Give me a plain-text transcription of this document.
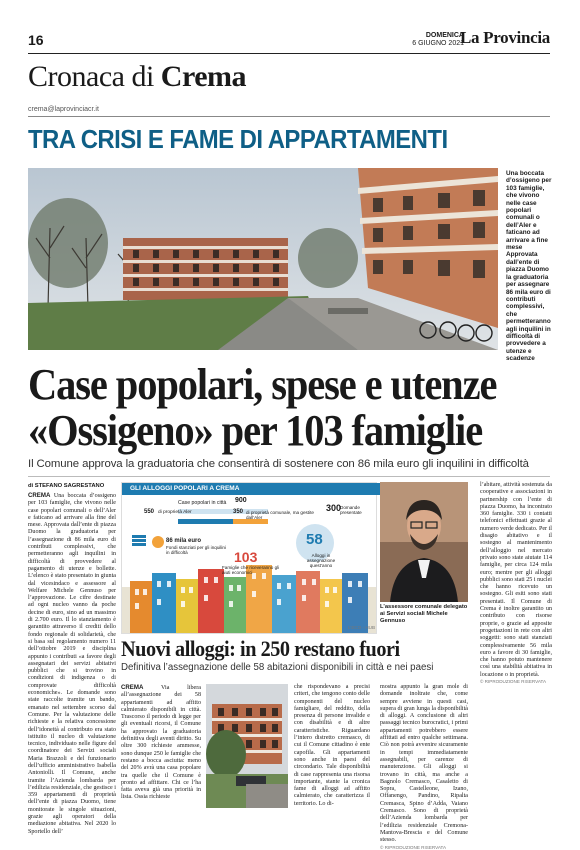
16	DOMENICA
6 GIUGNO 2021
La Provincia
Cronaca di Crema
crema@laprovinciacr.it
TRA CRISI E FAME DI APPARTAMENTI
Una boccata d’ossigeno per 103 famiglie, che vivono nelle case popolari comunali o dell’Aler e faticano ad arrivare a fine mese Approvata dall’ente di piazza Duomo la graduatoria per assegnare 86 mila euro di contributi complessivi, che permetteranno agli inquilini in difficoltà di provvedere a utenze e scadenze
Case popolari, spese e utenze
«Ossigeno» per 103 famiglie
Il Comune approva la graduatoria che consentirà di sostenere con 86 mila euro gli inquilini in difficoltà
di STEFANO SAGRESTANO
CREMA Una boccata d’ossigeno per 103 famiglie, che vivono nelle case popolari comunali o dell’Aler e faticano ad arrivare alla fine del mese. Approvata dall’ente di piazza Duomo la graduatoria per l’assegnazione di 86 mila euro di contributi complessivi, che permetteranno agli inquilini in difficoltà di provvedere al pagamento di utenze e bollette. L’elenco è stato presentato in giunta dal vicesindaco e assessore al Welfare Michele Gennuso per l’approvazione. Le cifre destinate ad ogni nucleo vanno da poche decine di euro, sino ad un massimo di 2.700 euro. Il lo stanziamento è garantito attraverso il crediti dello fondo regionale di solidarietà, che si basa sul regolamento numero 11 dell’ottobre 2019 e disciplina appunto i contributi «a favore degli assegnatari dei servizi abitativi pubblici che si trovino in condizioni di indigenza o di comprovate difficoltà economiche». Le domande sono state raccolte tramite un bando, emanato nel settembre scorso dal Comune. Per la valutazione delle richieste e la relativa concessione dell’idoneità al contributo era stato istituito il nucleo di valutazione tecnico, individuato nelle figure del coordinatore dei Servizi sociali Maria Brazzoli e del funzionario dell’ufficio amministrativo Isabella Antoniolli. Il Comune, anche tramite l’Azienda lombarda per l’edilizia residenziale, che gestisce i 359 appartamenti di proprietà dell’ente di piazza Duomo, tiene monitorate le singole situazioni, grazie agli operatori della mediazione abitativa. Nel 2020 lo Sportello dell’
GLI ALLOGGI POPOLARI A CREMA
Case popolari in città 900
550 di proprietà Aler	350 di proprietà comunale, ma gestite dall’Aler
300
Domande presentate
58
Alloggi in assegnazione quest’anno
86 mila euro
Fondi stanziati per gli inquilini in difficoltà	103
Famiglie che riceveranno gli aiuti economici
L’ECO - HUB
L’assessore comunale delegato ai Servizi sociali Michele Gennuso
l’abitare, attività sostenuta da cooperative e associazioni in partnership con l’ente di piazza Duomo, ha incontrato 360 famiglie. 330 i contatti telefonici effettuati grazie al numero verde dedicato. Per il disagio abitativo e il sostegno al mantenimento dell’alloggio nel mercato privato sono state aiutate 114 famiglie, per circa 124 mila euro; mentre per gli alloggi pubblici sono stati 25 i nuclei che hanno ricevuto un sostegno. Gli esiti sono stati presentati. Il Comune di Crema è inoltre garantito un contributo con risorse proprie, o grazie ad apposite progettazioni in rete con altri soggetti: sono stati stanziati complessivamente 56 mila euro a favore di 30 famiglie, che hanno potuto mantenere così una stabilità abitativa in locazione o in proprietà.
© RIPRODUZIONE RISERVATA
Nuovi alloggi: in 250 restano fuori
Definitiva l’assegnazione delle 58 abitazioni disponibili in città e nei paesi
CREMA	Via libera all’assegnazione dei 58 appartamenti ad affitto calmierato disponibili in città. Trascorso il periodo di legge per gli eventuali ricorsi, il Comune ha approvato la graduatoria definitiva degli aventi diritto. Su oltre 300 richieste ammesse, sono dunque 250 le famiglie che restano a bocca asciutta: meno del 20% avrà una casa popolare tra quelle che il Comune è pronto ad affittare. Chi ce l’ha fatta aveva già una priorità in lista. Ossia richieste
che rispondevano a precisi criteri, che tengono conto delle componenti del nucleo famigliare, del reddito, della presenza di persone invalide e con disabilità e di altre caratteristiche. Riguardano l’intero distretto cremasco, di cui il Comune cittadino è ente capofila. Gli appartamenti sono anche in paesi del circondario. Tale disponibilità di case rappresenta una risorsa importante, stante la cronica fame di alloggi ad affitto calmierato, che caratterizza il territorio. Lo di-
mostra appunto la gran mole di domande inoltrate che, come sempre avviene in questi casi, supera di gran lunga la disponibilità di alloggi. A conclusione di altri passaggi tecnico burocratici, i primi appartamenti potrebbero essere affittati ad entro qualche settimana. Ciò non potrà avvenire sicuramente in tempi immediatamente assegnabili, per carenze di manutenzione. Gli alloggi si trovano in città, ma anche a Bagnolo Cremasco, Casaletto di Sopra, Castelleone, Izano, Offanengo, Pandino, Ripalta Cremasca, Spino d’Adda, Vaiano Cremasco. Sono di proprietà dell’Azienda lombarda per l’edilizia residenziale Cremona-Mantova-Brescia e del Comune stesso.
© RIPRODUZIONE RISERVATA
